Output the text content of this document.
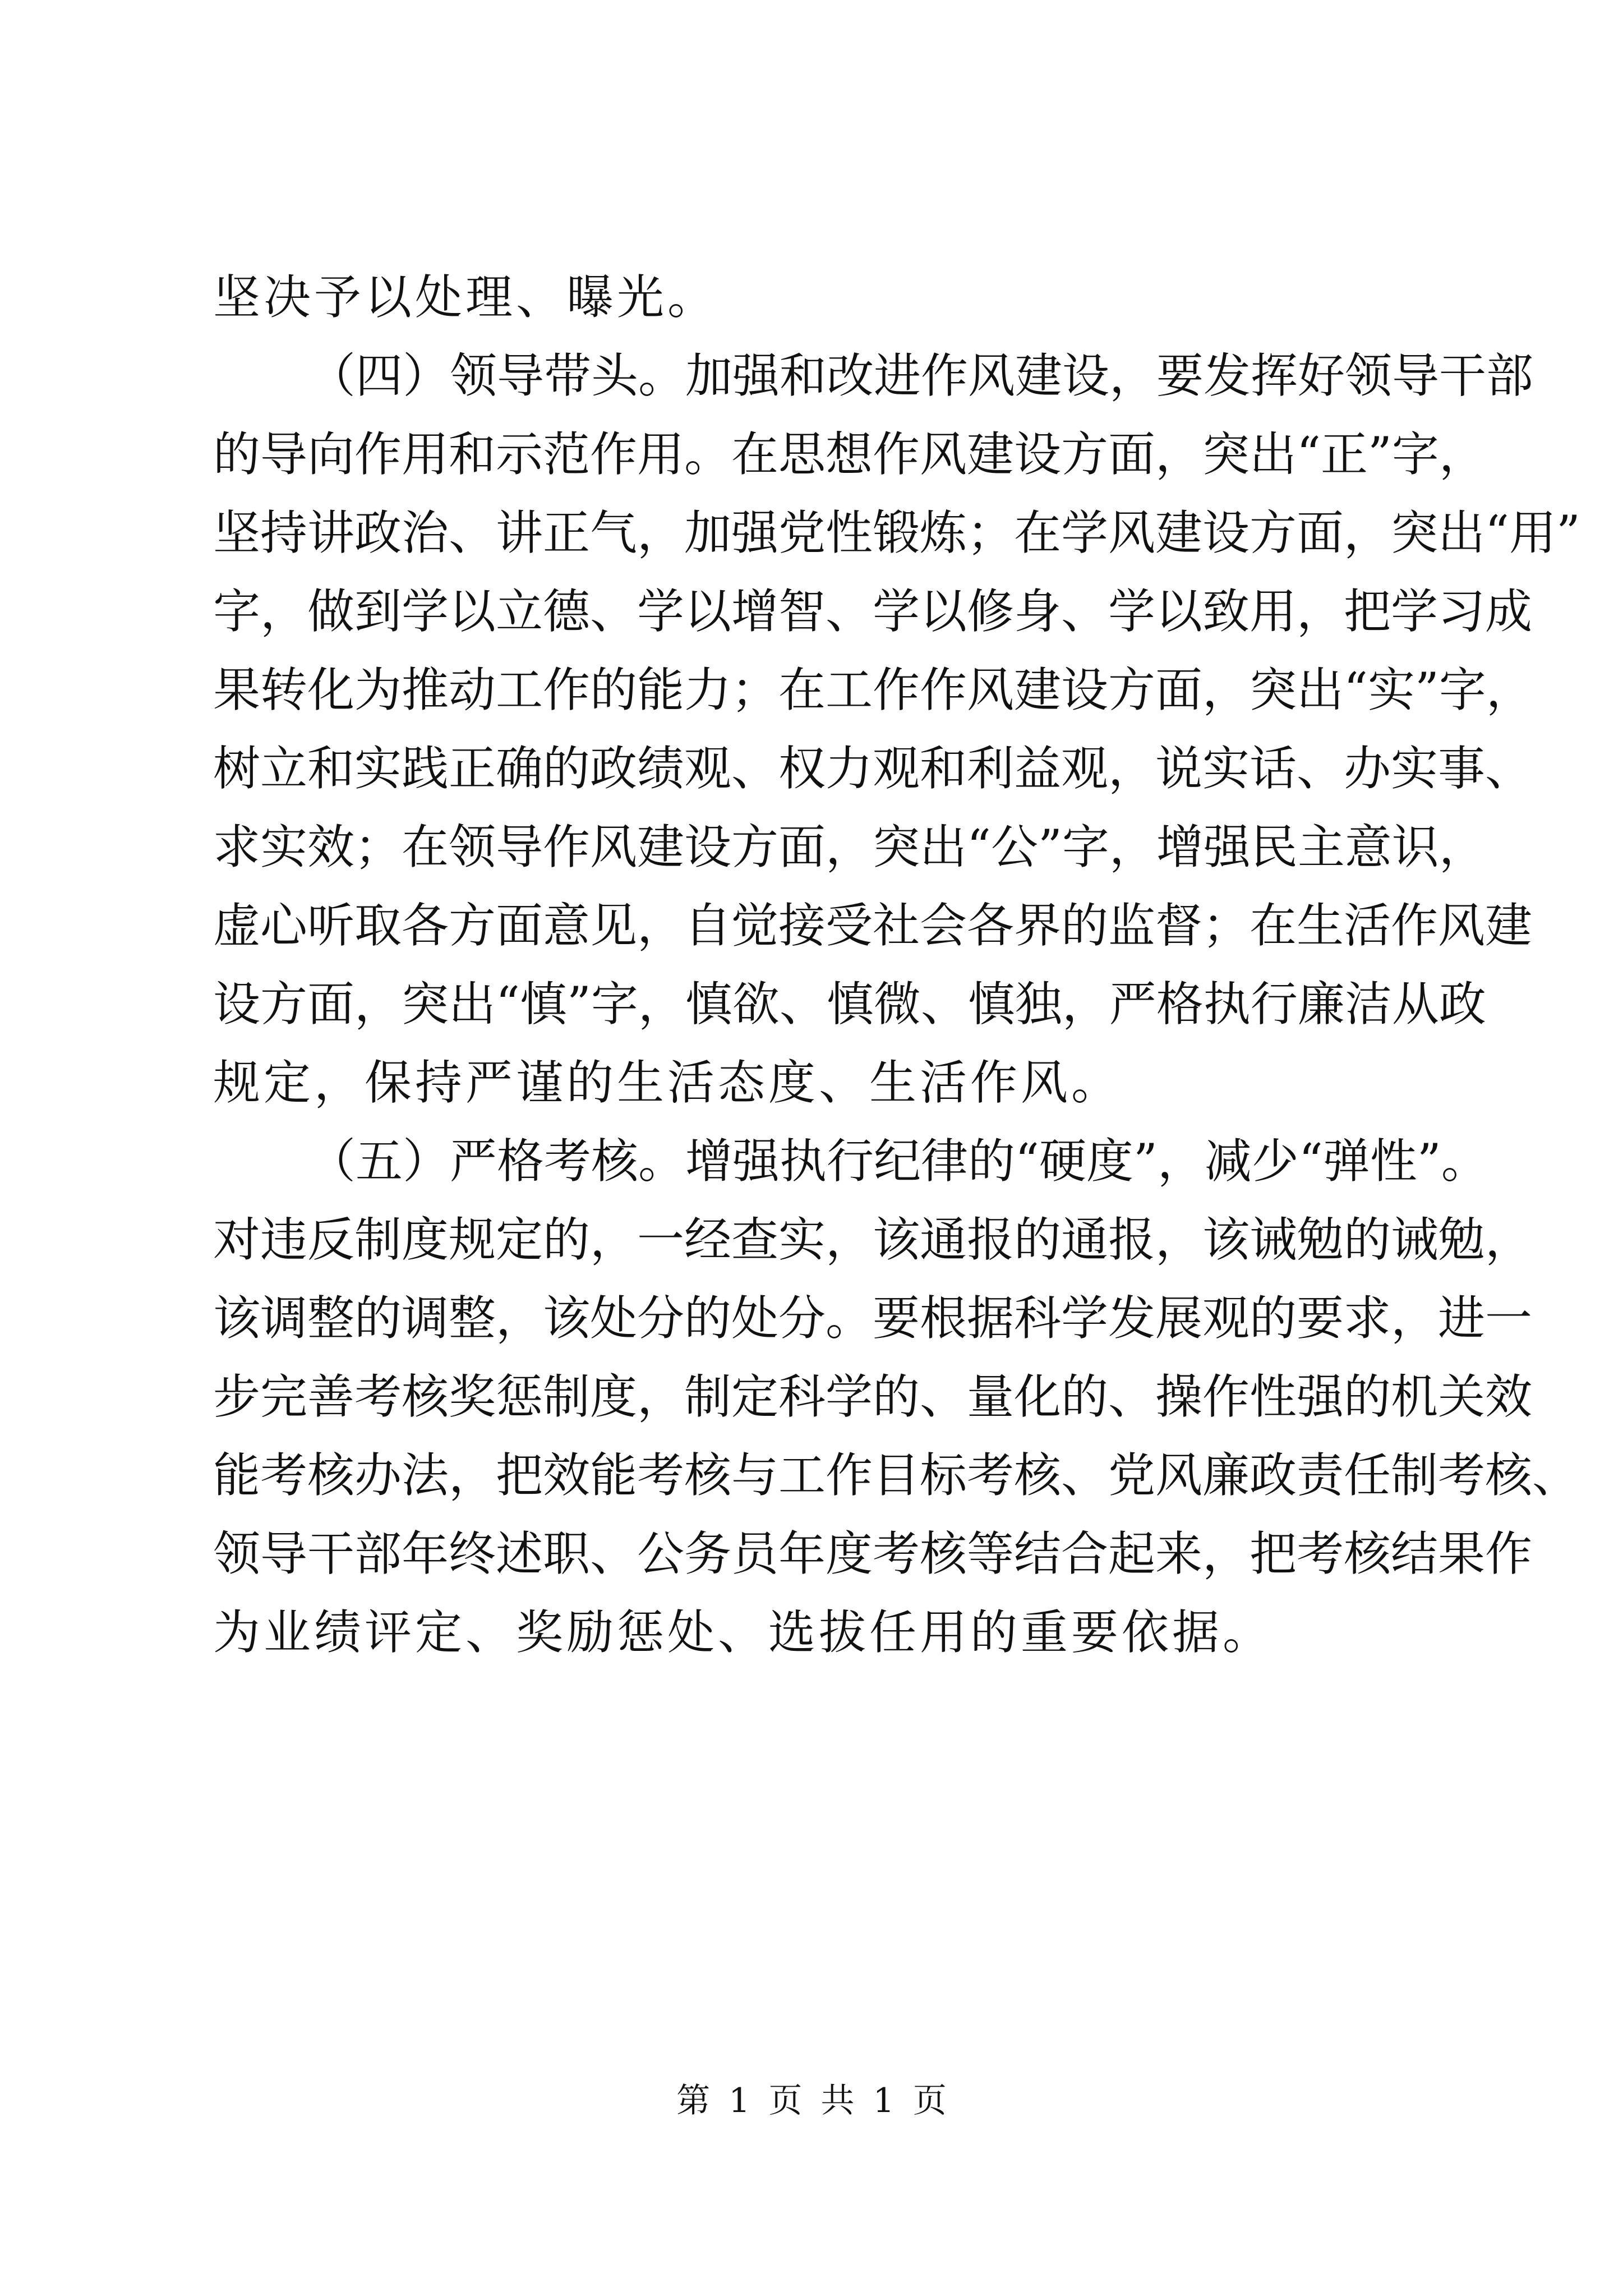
坚决予以处理、曝光。
（四）领导带头。加强和改进作风建设，要发挥好领导干部
的导向作用和示范作用。在思想作风建设方面，突出“正”字，
坚持讲政治、讲正气，加强党性锻炼；在学风建设方面，突出“用”
字，做到学以立德、学以增智、学以修身、学以致用，把学习成
果转化为推动工作的能力；在工作作风建设方面，突出“实”字，
树立和实践正确的政绩观、权力观和利益观，说实话、办实事、
求实效；在领导作风建设方面，突出“公”字，增强民主意识，
虚心听取各方面意见，自觉接受社会各界的监督；在生活作风建
设方面，突出“慎”字，慎欲、慎微、慎独，严格执行廉洁从政
规定，保持严谨的生活态度、生活作风。
（五）严格考核。增强执行纪律的“硬度”，减少“弹性”。
对违反制度规定的，一经查实，该通报的通报，该诫勉的诫勉，
该调整的调整，该处分的处分。要根据科学发展观的要求，进一
步完善考核奖惩制度，制定科学的、量化的、操作性强的机关效
能考核办法，把效能考核与工作目标考核、党风廉政责任制考核、
领导干部年终述职、公务员年度考核等结合起来，把考核结果作
为业绩评定、奖励惩处、选拔任用的重要依据。
第 1 页 共 1 页
